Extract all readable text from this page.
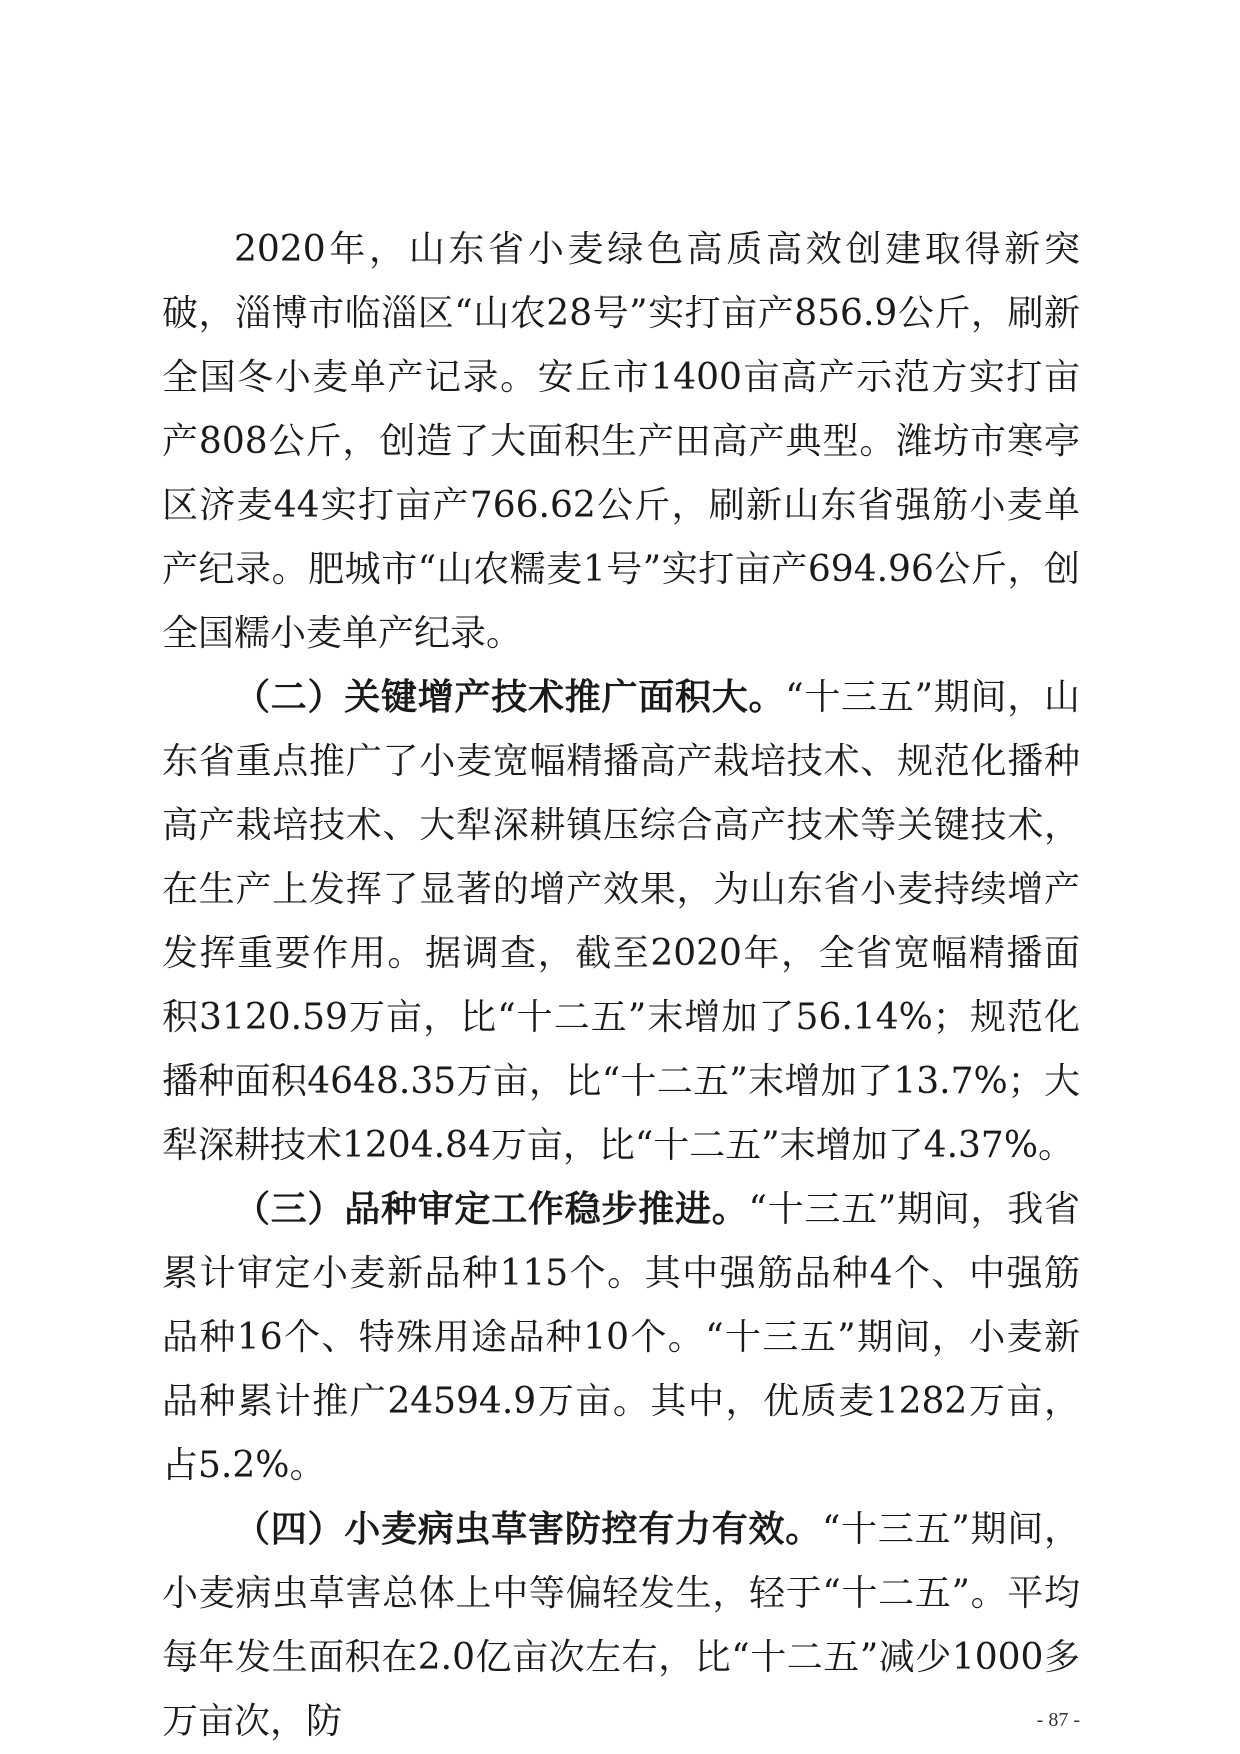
2020年，山东省小麦绿色高质高效创建取得新突破，淄博市临淄区“山农28号”实打亩产856.9公斤，刷新全国冬小麦单产记录。安丘市1400亩高产示范方实打亩产808公斤，创造了大面积生产田高产典型。潍坊市寒亭区济麦44实打亩产766.62公斤，刷新山东省强筋小麦单产纪录。肥城市“山农糯麦1号”实打亩产694.96公斤，创全国糯小麦单产纪录。

（二）关键增产技术推广面积大。“十三五”期间，山东省重点推广了小麦宽幅精播高产栽培技术、规范化播种高产栽培技术、大犁深耕镇压综合高产技术等关键技术，在生产上发挥了显著的增产效果，为山东省小麦持续增产发挥重要作用。据调查，截至2020年，全省宽幅精播面积3120.59万亩，比“十二五”末增加了56.14%；规范化播种面积4648.35万亩，比“十二五”末增加了13.7%；大犁深耕技术1204.84万亩，比“十二五”末增加了4.37%。

（三）品种审定工作稳步推进。“十三五”期间，我省累计审定小麦新品种115个。其中强筋品种4个、中强筋品种16个、特殊用途品种10个。“十三五”期间，小麦新品种累计推广24594.9万亩。其中，优质麦1282万亩，占5.2%。

（四）小麦病虫草害防控有力有效。“十三五”期间，小麦病虫草害总体上中等偏轻发生，轻于“十二五”。平均每年发生面积在2.0亿亩次左右，比“十二五”减少1000多万亩次，防	- 87 -
